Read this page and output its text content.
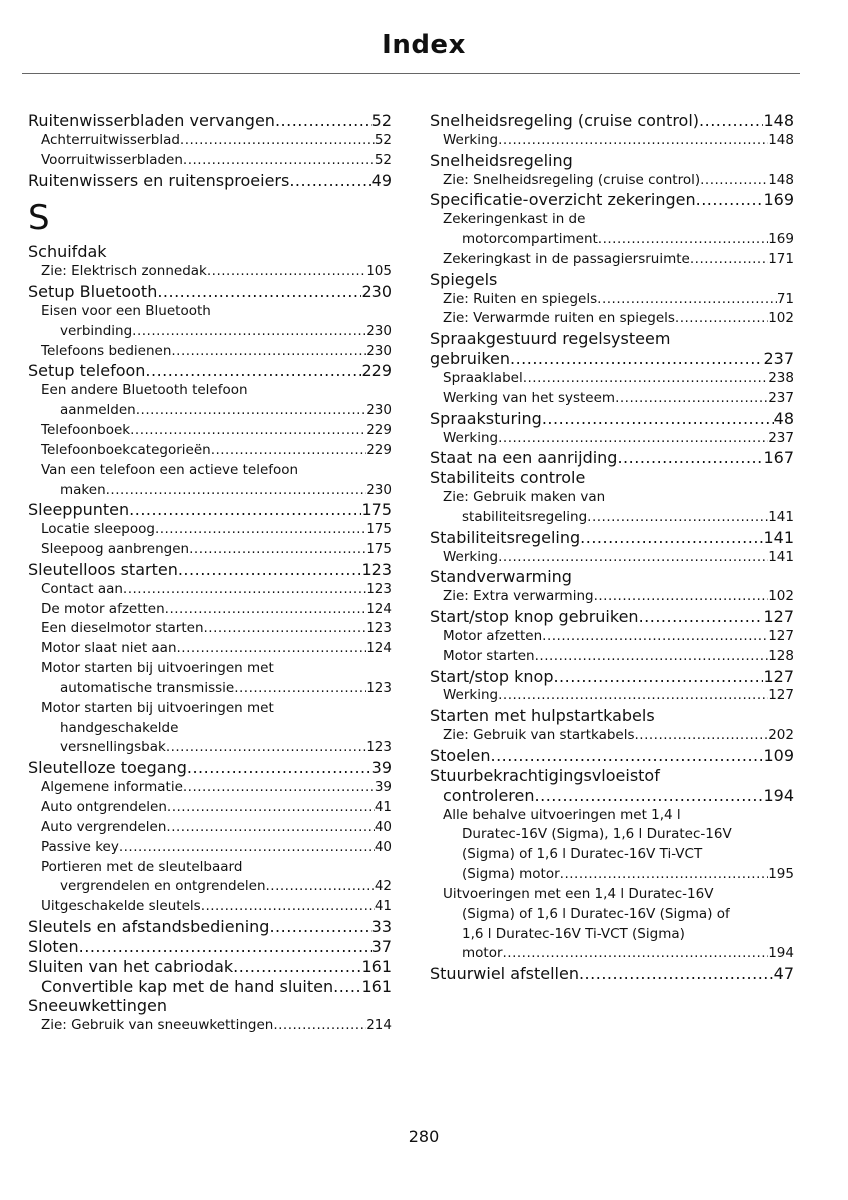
Index
Ruitenwisserbladen vervangen .....	52
Achterruitwisserblad .....	52
Voorruitwisserbladen .....	52
Ruitenwissers en ruitensproeiers .....	49
S
Schuifdak
Zie: Elektrisch zonnedak .....	105
Setup Bluetooth .....	230
Eisen voor een Bluetooth
verbinding .....	230
Telefoons bedienen .....	230
Setup telefoon .....	229
Een andere Bluetooth telefoon
aanmelden .....	230
Telefoonboek .....	229
Telefoonboekcategorieën .....	229
Van een telefoon een actieve telefoon
maken .....	230
Sleeppunten .....	175
Locatie sleepoog .....	175
Sleepoog aanbrengen .....	175
Sleutelloos starten .....	123
Contact aan .....	123
De motor afzetten .....	124
Een dieselmotor starten .....	123
Motor slaat niet aan .....	124
Motor starten bij uitvoeringen met
automatische transmissie .....	123
Motor starten bij uitvoeringen met
handgeschakelde
versnellingsbak .....	123
Sleutelloze toegang .....	39
Algemene informatie .....	39
Auto ontgrendelen .....	41
Auto vergrendelen .....	40
Passive key .....	40
Portieren met de sleutelbaard
vergrendelen en ontgrendelen .....	42
Uitgeschakelde sleutels .....	41
Sleutels en afstandsbediening .....	33
Sloten .....	37
Sluiten van het cabriodak .....	161
Convertible kap met de hand sluiten ..... 161
Sneeuwkettingen
Zie: Gebruik van sneeuwkettingen .....	214
Snelheidsregeling (cruise control) .....	148
Werking .....	148
Snelheidsregeling
Zie: Snelheidsregeling (cruise control) .....	148
Specificatie-overzicht zekeringen .....	169
Zekeringenkast in de
motorcompartiment .....	169
Zekeringkast in de passagiersruimte .....	171
Spiegels
Zie: Ruiten en spiegels .....	71
Zie: Verwarmde ruiten en spiegels .....	102
Spraakgestuurd regelsysteem
gebruiken .....	237
Spraaklabel .....	238
Werking van het systeem .....	237
Spraaksturing .....	48
Werking .....	237
Staat na een aanrijding .....	167
Stabiliteits controle
Zie: Gebruik maken van
stabiliteitsregeling .....	141
Stabiliteitsregeling .....	141
Werking .....	141
Standverwarming
Zie: Extra verwarming .....	102
Start/stop knop gebruiken .....	127
Motor afzetten .....	127
Motor starten .....	128
Start/stop knop .....	127
Werking .....	127
Starten met hulpstartkabels
Zie: Gebruik van startkabels .....	202
Stoelen .....	109
Stuurbekrachtigingsvloeistof
controleren .....	194
Alle behalve uitvoeringen met 1,4 l
Duratec-16V (Sigma), 1,6 l Duratec-16V
(Sigma) of 1,6 l Duratec-16V Ti-VCT
(Sigma) motor .....	195
Uitvoeringen met een 1,4 l Duratec-16V
(Sigma) of 1,6 l Duratec-16V (Sigma) of
1,6 l Duratec-16V Ti-VCT (Sigma)
motor .....	194
Stuurwiel afstellen .....	47
280
